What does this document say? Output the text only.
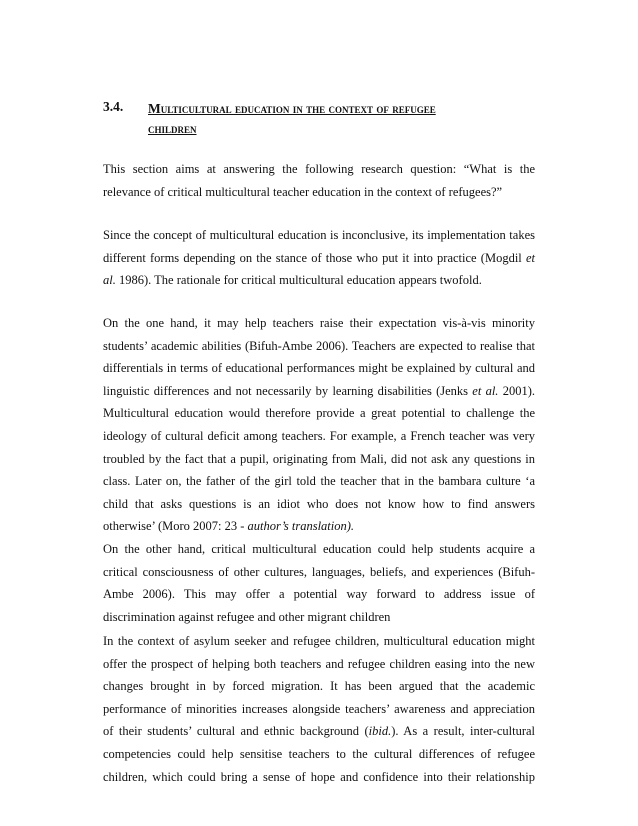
3.4. Multicultural education in the context of refugee
children
This section aims at answering the following research question: “What is the
relevance of critical multicultural teacher education in the context of refugees?”
Since the concept of multicultural education is inconclusive, its implementation takes
different forms depending on the stance of those who put it into practice (Mogdil et
al. 1986). The rationale for critical multicultural education appears twofold.
On the one hand, it may help teachers raise their expectation vis-à-vis minority
students’ academic abilities (Bifuh-Ambe 2006). Teachers are expected to realise that
differentials in terms of educational performances might be explained by cultural and
linguistic differences and not necessarily by learning disabilities (Jenks et al. 2001).
Multicultural education would therefore provide a great potential to challenge the
ideology of cultural deficit among teachers. For example, a French teacher was very
troubled by the fact that a pupil, originating from Mali, did not ask any questions in
class. Later on, the father of the girl told the teacher that in the bambara culture ‘a
child that asks questions is an idiot who does not know how to find answers
otherwise’ (Moro 2007: 23 - author’s translation).
On the other hand, critical multicultural education could help students acquire a
critical consciousness of other cultures, languages, beliefs, and experiences (Bifuh-
Ambe 2006). This may offer a potential way forward to address issue of
discrimination against refugee and other migrant children
In the context of asylum seeker and refugee children, multicultural education might
offer the prospect of helping both teachers and refugee children easing into the new
changes brought in by forced migration. It has been argued that the academic
performance of minorities increases alongside teachers’ awareness and appreciation
of their students’ cultural and ethnic background (ibid.). As a result, inter-cultural
competencies could help sensitise teachers to the cultural differences of refugee
children, which could bring a sense of hope and confidence into their relationship
